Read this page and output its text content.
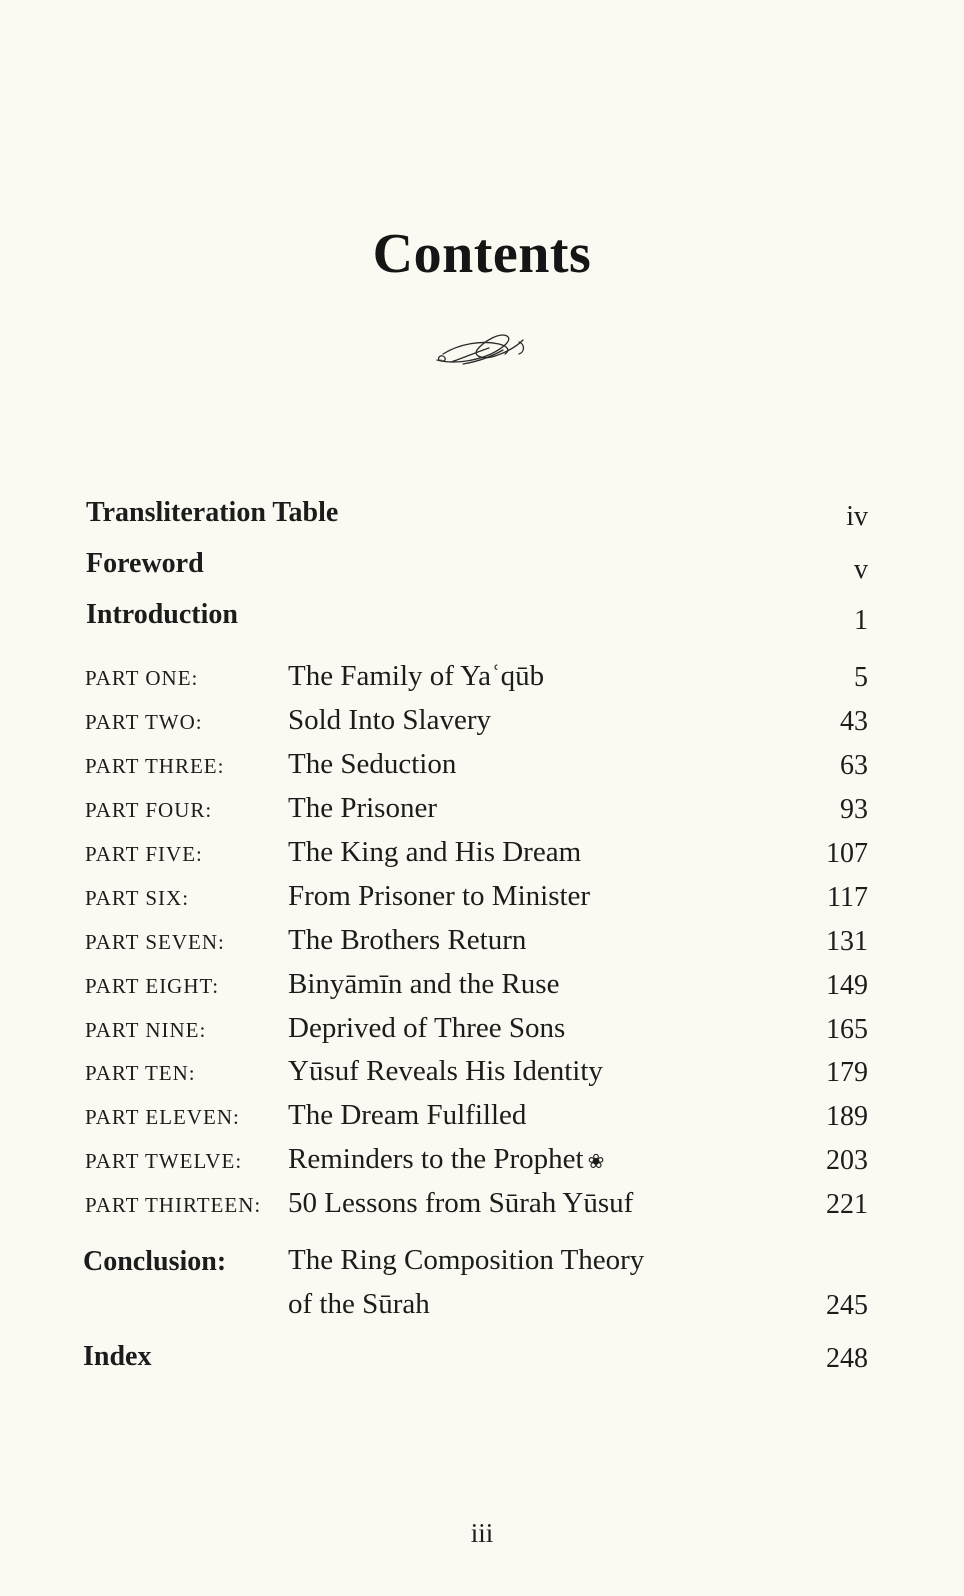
Contents
Transliteration Table	iv
Foreword	v
Introduction	1
PART ONE:	The Family of Yaʿqūb	5
PART TWO:	Sold Into Slavery	43
PART THREE: The Seduction	63
PART FOUR:	The Prisoner	93
PART FIVE:	The King and His Dream	107
PART SIX:	From Prisoner to Minister	117
PART SEVEN: The Brothers Return	131
PART EIGHT: Binyāmīn and the Ruse	149
PART NINE:	Deprived of Three Sons	165
PART TEN:	Yūsuf Reveals His Identity	179
PART ELEVEN: The Dream Fulfilled	189
PART TWELVE: Reminders to the Prophet ❀	203
PART THIRTEEN: 50 Lessons from Sūrah Yūsuf	221
Conclusion: The Ring Composition Theory
of the Sūrah	245
Index	248
iii
